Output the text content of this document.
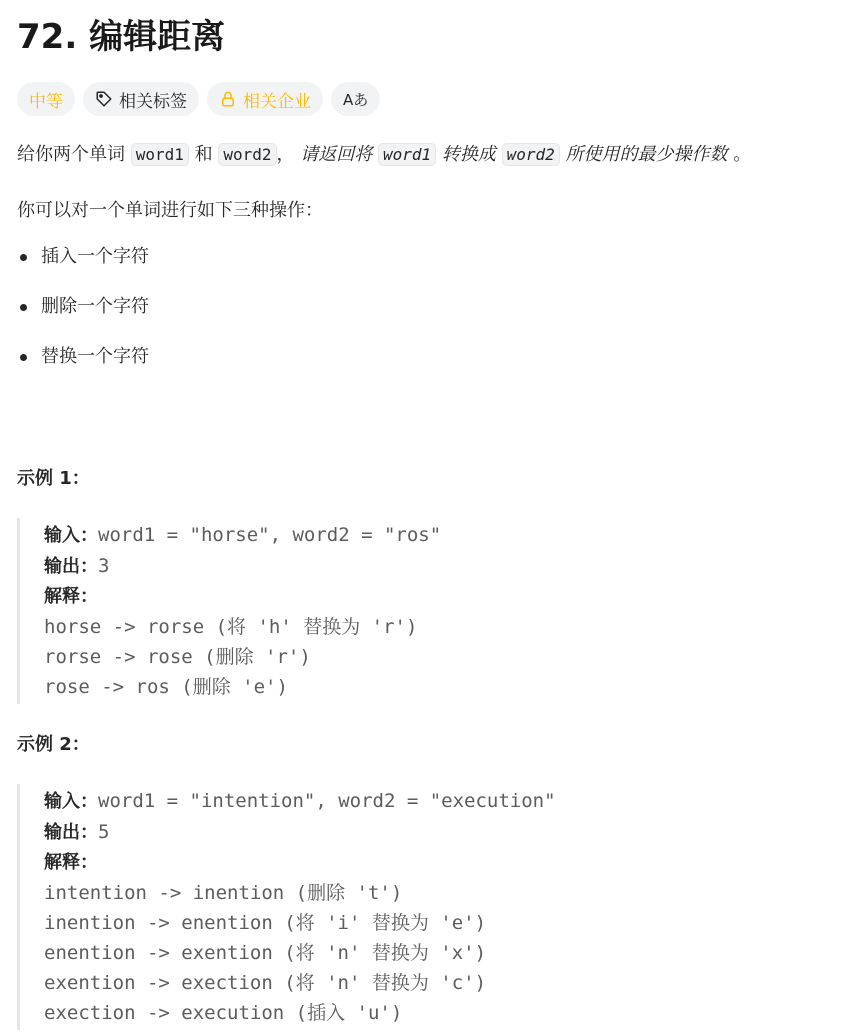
72. 编辑距离
中等	相关标签	相关企业 Aあ

给你两个单词 word1 和 word2 ， 请返回将 word1 转换成 word2 所使用的最少操作数 。

你可以对一个单词进行如下三种操作：

插入一个字符
删除一个字符
替换一个字符

示例 1：

输入：word1 = "horse", word2 = "ros"
输出：3
解释：
horse -> rorse (将 'h' 替换为 'r')
rorse -> rose (删除 'r')
rose -> ros (删除 'e')

示例 2：

输入：word1 = "intention", word2 = "execution"
输出：5
解释：
intention -> inention (删除 't')
inention -> enention (将 'i' 替换为 'e')
enention -> exention (将 'n' 替换为 'x')
exention -> exection (将 'n' 替换为 'c')
exection -> execution (插入 'u')
